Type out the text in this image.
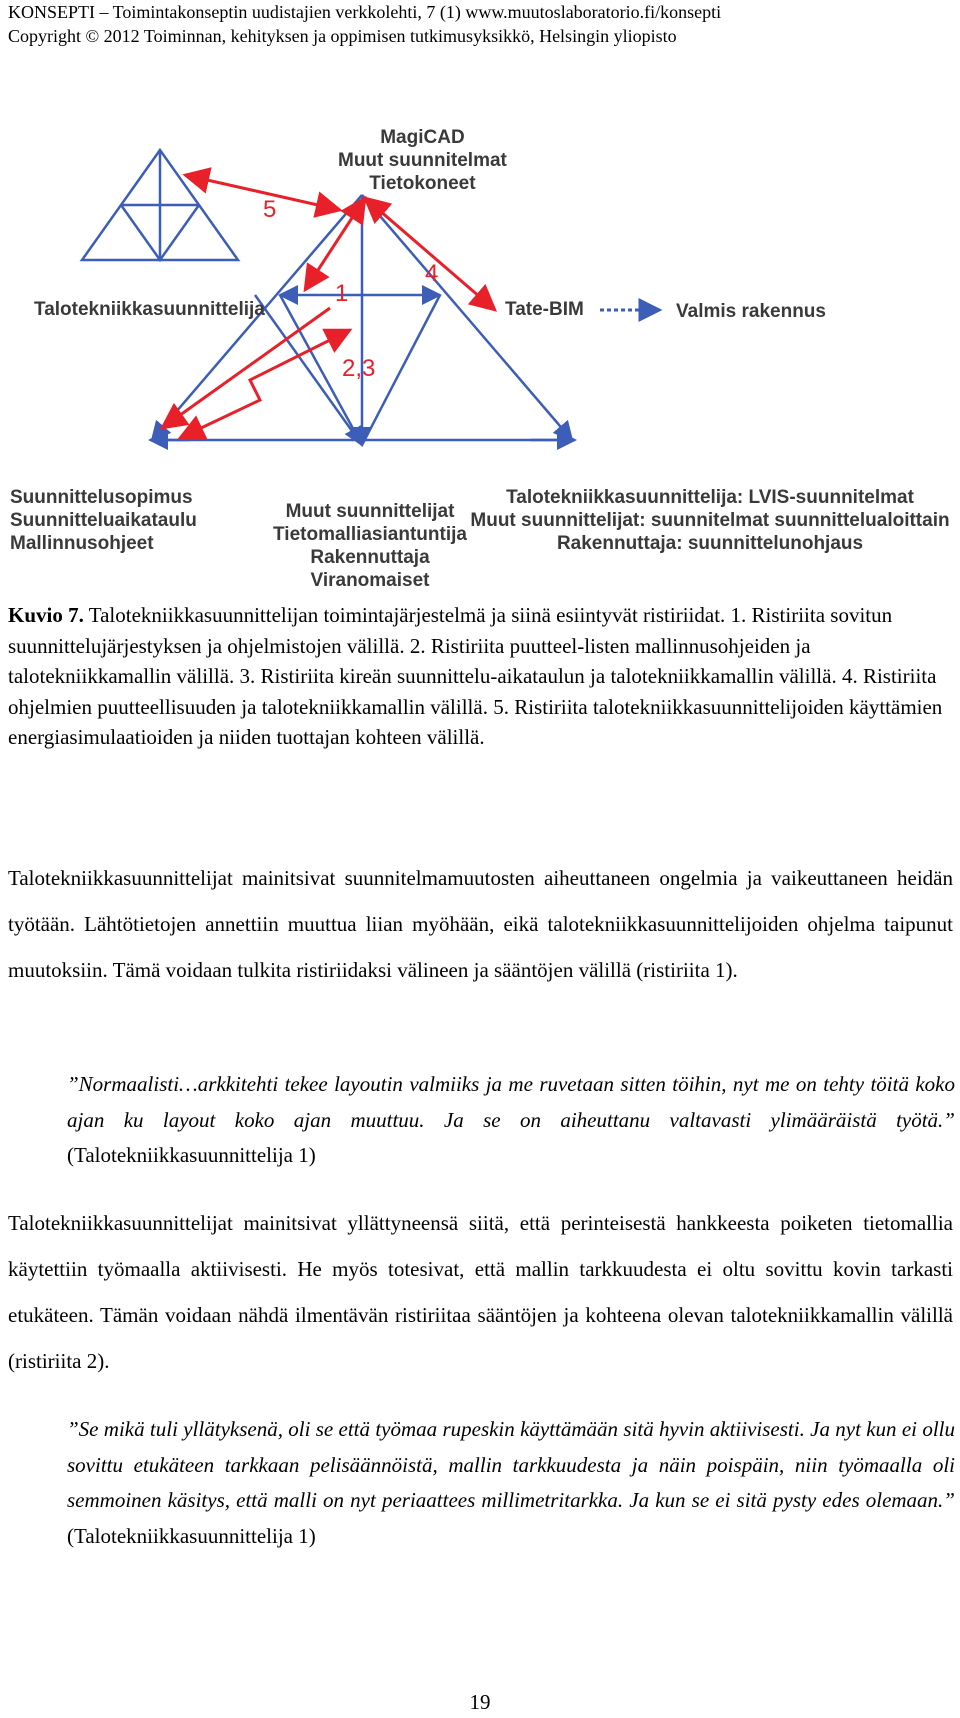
KONSEPTI – Toimintakonseptin uudistajien verkkolehti, 7 (1) www.muutoslaboratorio.fi/konsepti
Copyright © 2012 Toiminnan, kehityksen ja oppimisen tutkimusyksikkö, Helsingin yliopisto
MagiCAD
Muut suunnitelmat
Tietokoneet
Talotekniikkasuunnittelija	Tate-BIM	Valmis rakennus
Suunnittelusopimus
Suunnitteluaikataulu
Mallinnusohjeet
Muut suunnittelijat
Tietomalliasiantuntija
Rakennuttaja
Viranomaiset
Talotekniikkasuunnittelija: LVIS-suunnitelmat
Muut suunnittelijat: suunnitelmat suunnittelualoittain
Rakennuttaja: suunnittelunohjaus
1
2,3
4
5
Kuvio 7. Talotekniikkasuunnittelijan toimintajärjestelmä ja siinä esiintyvät ristiriidat. 1. Ristiriita sovitun suunnittelujärjestyksen ja ohjelmistojen välillä. 2. Ristiriita puutteel-listen mallinnusohjeiden ja talotekniikkamallin välillä. 3. Ristiriita kireän suunnittelu-aikataulun ja talotekniikkamallin välillä. 4. Ristiriita ohjelmien puutteellisuuden ja talotekniikkamallin välillä. 5. Ristiriita talotekniikkasuunnittelijoiden käyttämien energiasimulaatioiden ja niiden tuottajan kohteen välillä.
Talotekniikkasuunnittelijat mainitsivat suunnitelmamuutosten aiheuttaneen ongelmia ja vaikeuttaneen heidän työtään. Lähtötietojen annettiin muuttua liian myöhään, eikä talotekniikkasuunnittelijoiden ohjelma taipunut muutoksiin. Tämä voidaan tulkita ristiriidaksi välineen ja sääntöjen välillä (ristiriita 1).
”Normaalisti…arkkitehti tekee layoutin valmiiks ja me ruvetaan sitten töihin, nyt me on tehty töitä koko ajan ku layout koko ajan muuttuu. Ja se on aiheuttanu valtavasti ylimääräistä työtä.” (Talotekniikkasuunnittelija 1)
Talotekniikkasuunnittelijat mainitsivat yllättyneensä siitä, että perinteisestä hankkeesta poiketen tietomallia käytettiin työmaalla aktiivisesti. He myös totesivat, että mallin tarkkuudesta ei oltu sovittu kovin tarkasti etukäteen. Tämän voidaan nähdä ilmentävän ristiriitaa sääntöjen ja kohteena olevan talotekniikkamallin välillä (ristiriita 2).
”Se mikä tuli yllätyksenä, oli se että työmaa rupeskin käyttämään sitä hyvin aktiivisesti. Ja nyt kun ei ollu sovittu etukäteen tarkkaan pelisäännöistä, mallin tarkkuudesta ja näin poispäin, niin työmaalla oli semmoinen käsitys, että malli on nyt periaattees millimetritarkka. Ja kun se ei sitä pysty edes olemaan.” (Talotekniikkasuunnittelija 1)
19
